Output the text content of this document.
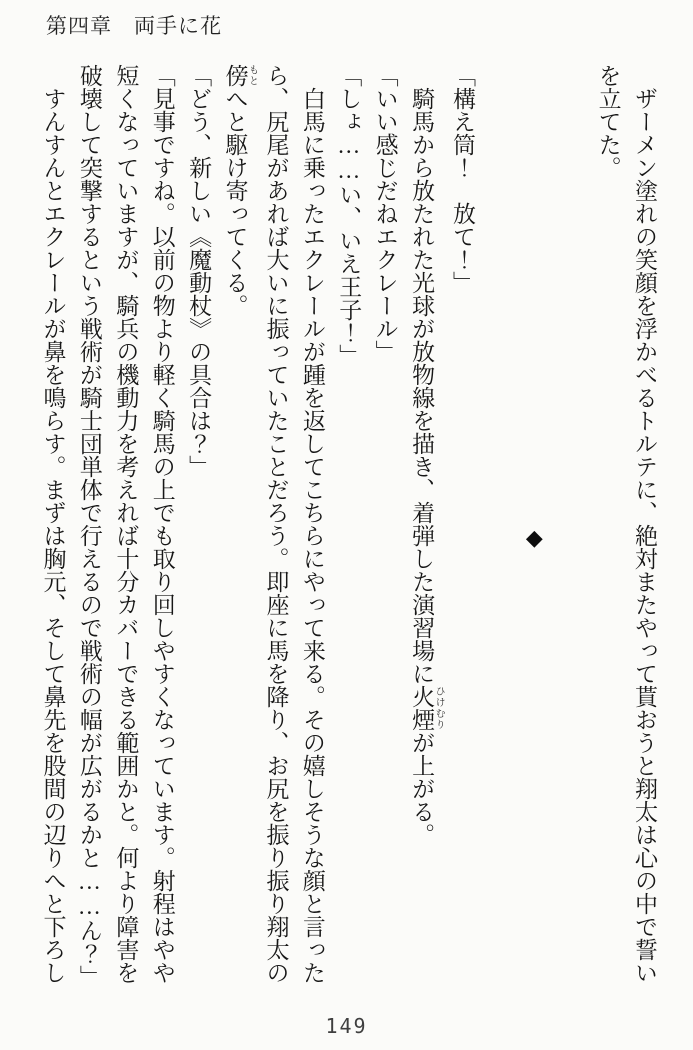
第四章　両手に花

ザーメン塗れの笑顔を浮かべるトルテに、絶対またやって貰おうと翔太は心の中で誓い

を立てた。

◆

「構え筒！　放て！」

騎馬から放たれた光球が放物線を描き、着弾した演習場に火煙 ひけむりが上がる。

「いい感じだねエクレール」

「しょ……い、いえ王子！」

白馬に乗ったエクレールが踵を返してこちらにやって来る。その嬉しそうな顔と言った

ら、尻尾があれば大いに振っていたことだろう。即座に馬を降り、お尻を振り振り翔太の

傍 もとへと駆け寄ってくる。

「どう、新しい《魔動杖》の具合は？」

「見事ですね。以前の物より軽く騎馬の上でも取り回しやすくなっています。射程はやや

短くなっていますが、騎兵の機動力を考えれば十分カバーできる範囲かと。何より障害を

破壊して突撃するという戦術が騎士団単体で行えるので戦術の幅が広がるかと……ん？」

すんすんとエクレールが鼻を鳴らす。まずは胸元、そして鼻先を股間の辺りへと下ろし

149
